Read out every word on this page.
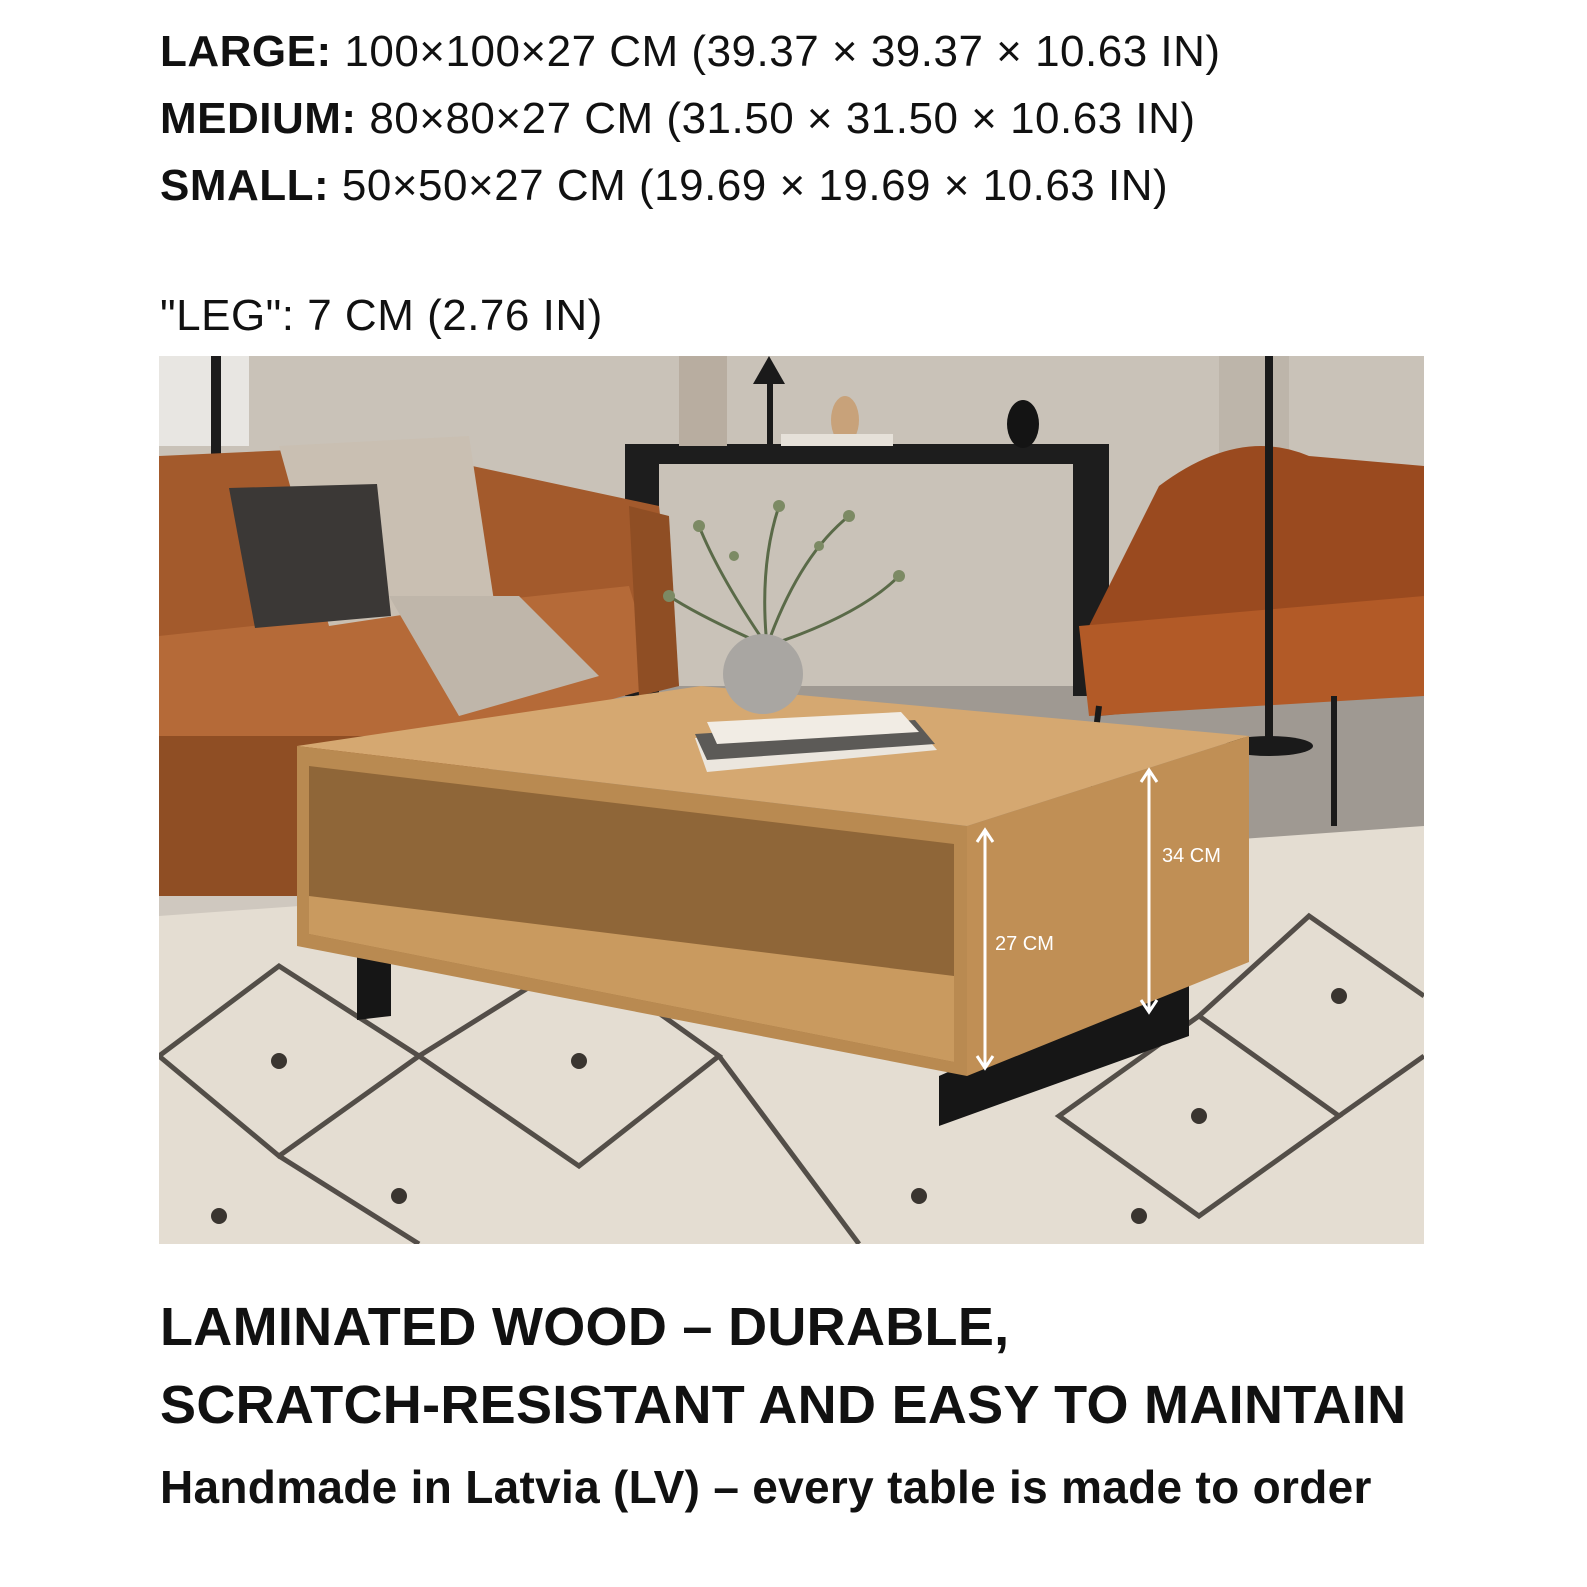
LARGE: 100×100×27 CM (39.37 × 39.37 × 10.63 IN)
MEDIUM: 80×80×27 CM (31.50 × 31.50 × 10.63 IN)
SMALL: 50×50×27 CM (19.69 × 19.69 × 10.63 IN)
"LEG": 7 CM (2.76 IN)
27 CM
34 CM
LAMINATED WOOD – DURABLE,
SCRATCH-RESISTANT AND EASY TO MAINTAIN
Handmade in Latvia (LV) – every table is made to order
